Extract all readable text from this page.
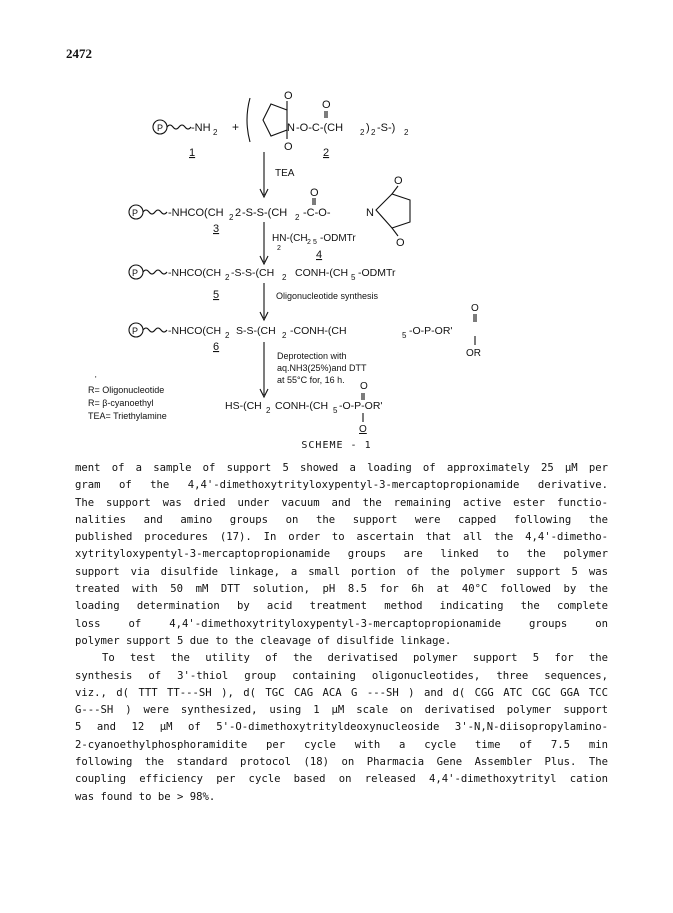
2472
P	-NH 2
1
+
O
O
N -O-C-(CH 2 ) 2 -S-) 2
O	2
TEA
P	-NHCO(CH 2 2 -S-S-(CH 2 -C-O-
O
N
O
O
3
HN-(CH
2
2 5 -ODMTr
4
P	-NHCO(CH 2 -S-S-(CH 2 CONH-(CH 5 -ODMTr
5	Oligonucleotide synthesis
P	-NHCO(CH 2 S-S-(CH 2 -CONH-(CH	5 -O-P-OR'
O
OR
6
Deprotection with
aq.NH3(25%)and DTT
at 55°C for, 16 h.
'
R= Oligonucleotide
R= β-cyanoethyl
TEA= Triethylamine
HS-(CH 2 CONH-(CH 5 -O-P-OR'
O
O
SCHEME - 1
ment of a sample of support 5 showed a loading of approximately 25 µM per
gram of the 4,4'-dimethoxytrityloxypentyl-3-mercaptopropionamide derivative.
The support was dried under vacuum and the remaining active ester functio-
nalities and amino groups on the support were capped following the
published procedures (17). In order to ascertain that all the 4,4'-dimetho-
xytrityloxypentyl-3-mercaptopropionamide groups are linked to the polymer
support via disulfide linkage, a small portion of the polymer support 5 was
treated with 50 mM DTT solution, pH 8.5 for 6h at 40°C followed by the
loading determination by acid treatment method indicating the complete
loss of 4,4'-dimethoxytrityloxypentyl-3-mercaptopropionamide groups on
polymer support 5 due to the cleavage of disulfide linkage.
To test the utility of the derivatised polymer support 5 for the
synthesis of 3'-thiol group containing oligonucleotides, three sequences,
viz., d( TTT TT---SH ), d( TGC CAG ACA G ---SH ) and d( CGG ATC CGC GGA TCC
G---SH ) were synthesized, using 1 µM scale on derivatised polymer support
5 and 12 µM of 5'-O-dimethoxytrityldeoxynucleoside 3'-N,N-diisopropylamino-
2-cyanoethylphosphoramidite per cycle with a cycle time of 7.5 min
following the standard protocol (18) on Pharmacia Gene Assembler Plus. The
coupling efficiency per cycle based on released 4,4'-dimethoxytrityl cation
was found to be > 98%.
